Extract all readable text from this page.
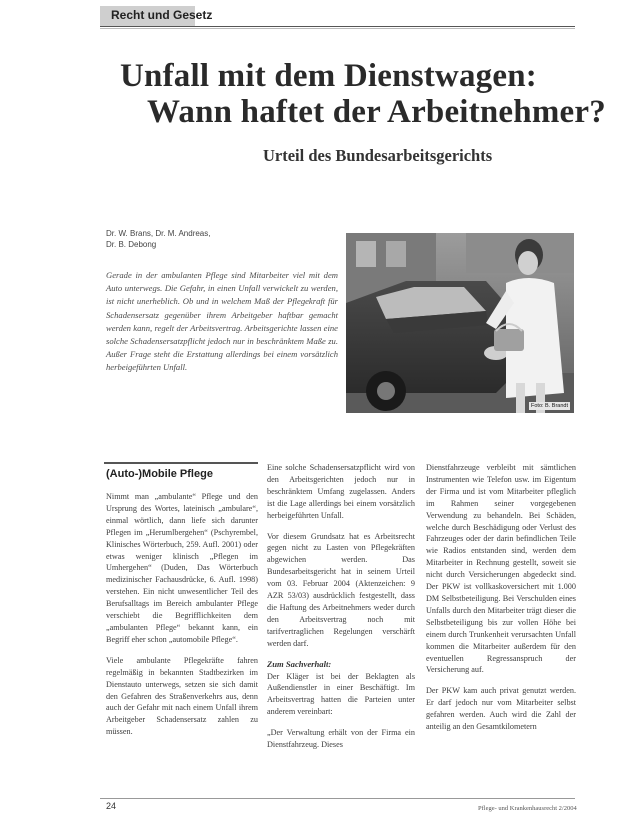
Recht und Gesetz
Unfall mit dem Dienstwagen:
Wann haftet der Arbeitnehmer?
Urteil des Bundesarbeitsgerichts
Dr. W. Brans, Dr. M. Andreas,
Dr. B. Debong
Gerade in der ambulanten Pflege sind Mitarbeiter viel mit dem Auto unterwegs. Die Gefahr, in einen Unfall verwickelt zu werden, ist nicht unerheblich. Ob und in welchem Maß der Pflegekraft für Schadensersatz gegenüber ihrem Arbeitgeber haftbar gemacht werden kann, regelt der Arbeitsvertrag. Arbeitsgerichte lassen eine solche Schadensersatzpflicht jedoch nur in beschränktem Maße zu. Außer Frage steht die Erstattung allerdings bei einem vorsätzlich herbeigeführten Unfall.
Foto: B. Brandt
(Auto-)Mobile Pflege

Nimmt man „ambulante“ Pflege und den Ursprung des Wortes, lateinisch „ambulare“, einmal wörtlich, dann liefe sich darunter Pflegen im „Herumlbergehen“ (Pschyrembel, Klinisches Wörterbuch, 259. Aufl. 2001) oder etwas weniger klinisch „Pflegen im Umhergehen“ (Duden, Das Wörterbuch medizinischer Fachausdrücke, 6. Aufl. 1998) verstehen. Ein nicht unwesentlicher Teil des Berufsalltags im Bereich ambulanter Pflege verschiebt die Begrifflichkeiten dem „ambulanten Pflege“ bekannt kann, ein Begriff eher schon „automobile Pflege“.

Viele ambulante Pflegekräfte fahren regelmäßig in bekannten Stadtbezirken im Dienstauto unterwegs, setzen sie sich damit den Gefahren des Straßenverkehrs aus, denn auch der Gefahr mit nach einem Unfall ihrem Arbeitgeber Schadensersatz zahlen zu müssen.

Eine solche Schadensersatzpflicht wird von den Arbeitsgerichten jedoch nur in beschränktem Umfang zugelassen. Anders ist die Lage allerdings bei einem vorsätzlich herbeigeführten Unfall.

Vor diesem Grundsatz hat es Arbeitsrecht gegen nicht zu Lasten von Pflegekräften abgewichen werden. Das Bundesarbeitsgericht hat in seinem Urteil vom 03. Februar 2004 (Aktenzeichen: 9 AZR 53/03) ausdrücklich festgestellt, dass die Haftung des Arbeitnehmers weder durch den Arbeitsvertrag noch mit tarifvertraglichen Regelungen verschärft werden darf.

Zum Sachverhalt:

Der Kläger ist bei der Beklagten als Außendienstler in einer Beschäftigt. Im Arbeitsvertrag hatten die Parteien unter anderem vereinbart:

„Der Verwaltung erhält von der Firma ein Dienstfahrzeug. Dieses

Dienstfahrzeuge verbleibt mit sämtlichen Instrumenten wie Telefon usw. im Eigentum der Firma und ist vom Mitarbeiter pfleglich im Rahmen seiner vorgegebenen Verwendung zu behandeln. Bei Schäden, welche durch Beschädigung oder Verlust des Fahrzeuges oder der darin befindlichen Teile wie Radios entstanden sind, werden dem Mitarbeiter in Rechnung gestellt, soweit sie nicht durch Versicherungen abgedeckt sind. Der PKW ist vollkaskoversichert mit 1.000 DM Selbstbeteiligung. Bei Verschulden eines Unfalls durch den Mitarbeiter trägt dieser die Selbstbeteiligung bis zur vollen Höhe bei einem durch Trunkenheit verursachten Unfall kommen die Mitarbeiter außerdem für den eventuellen Regressanspruch der Versicherung auf.

Der PKW kam auch privat genutzt werden. Er darf jedoch nur vom Mitarbeiter selbst gefahren werden. Auch wird die Zahl der anteilig an den Gesamtkilometern

24	Pflege- und Krankenhausrecht 2/2004
